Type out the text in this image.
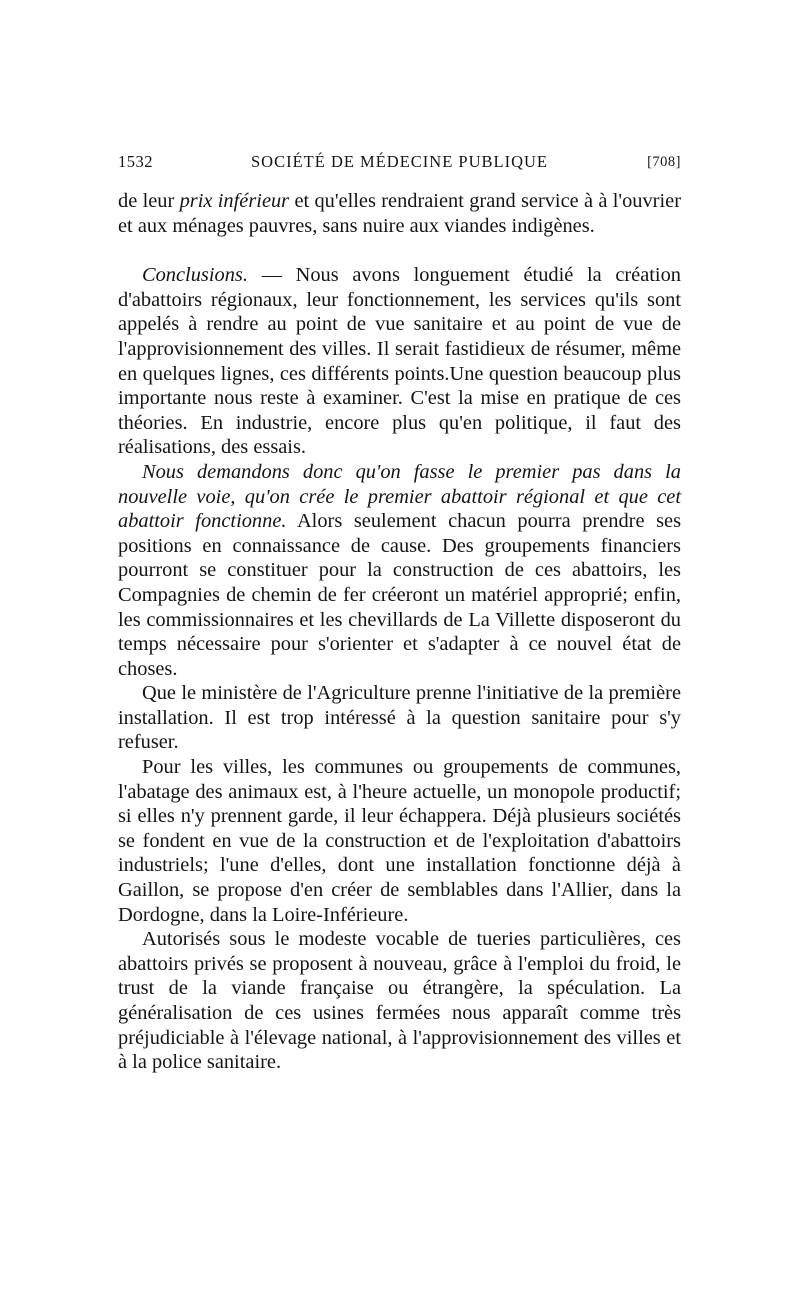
1532	SOCIÉTÉ DE MÉDECINE PUBLIQUE	[708]

de leur prix inférieur et qu'elles rendraient grand service à à l'ouvrier et aux ménages pauvres, sans nuire aux viandes indigènes.

Conclusions. — Nous avons longuement étudié la création d'abattoirs régionaux, leur fonctionnement, les services qu'ils sont appelés à rendre au point de vue sanitaire et au point de vue de l'approvisionnement des villes. Il serait fastidieux de résumer, même en quelques lignes, ces différents points.Une question beaucoup plus importante nous reste à examiner. C'est la mise en pratique de ces théories. En industrie, encore plus qu'en politique, il faut des réalisations, des essais.

Nous demandons donc qu'on fasse le premier pas dans la nouvelle voie, qu'on crée le premier abattoir régional et que cet abattoir fonctionne. Alors seulement chacun pourra prendre ses positions en connaissance de cause. Des groupements financiers pourront se constituer pour la construction de ces abattoirs, les Compagnies de chemin de fer créeront un matériel approprié; enfin, les commissionnaires et les chevillards de La Villette disposeront du temps nécessaire pour s'orienter et s'adapter à ce nouvel état de choses.

Que le ministère de l'Agriculture prenne l'initiative de la première installation. Il est trop intéressé à la question sanitaire pour s'y refuser.

Pour les villes, les communes ou groupements de communes, l'abatage des animaux est, à l'heure actuelle, un monopole productif; si elles n'y prennent garde, il leur échappera. Déjà plusieurs sociétés se fondent en vue de la construction et de l'exploitation d'abattoirs industriels; l'une d'elles, dont une installation fonctionne déjà à Gaillon, se propose d'en créer de semblables dans l'Allier, dans la Dordogne, dans la Loire-Inférieure.

Autorisés sous le modeste vocable de tueries particulières, ces abattoirs privés se proposent à nouveau, grâce à l'emploi du froid, le trust de la viande française ou étrangère, la spéculation. La généralisation de ces usines fermées nous apparaît comme très préjudiciable à l'élevage national, à l'approvisionnement des villes et à la police sanitaire.
